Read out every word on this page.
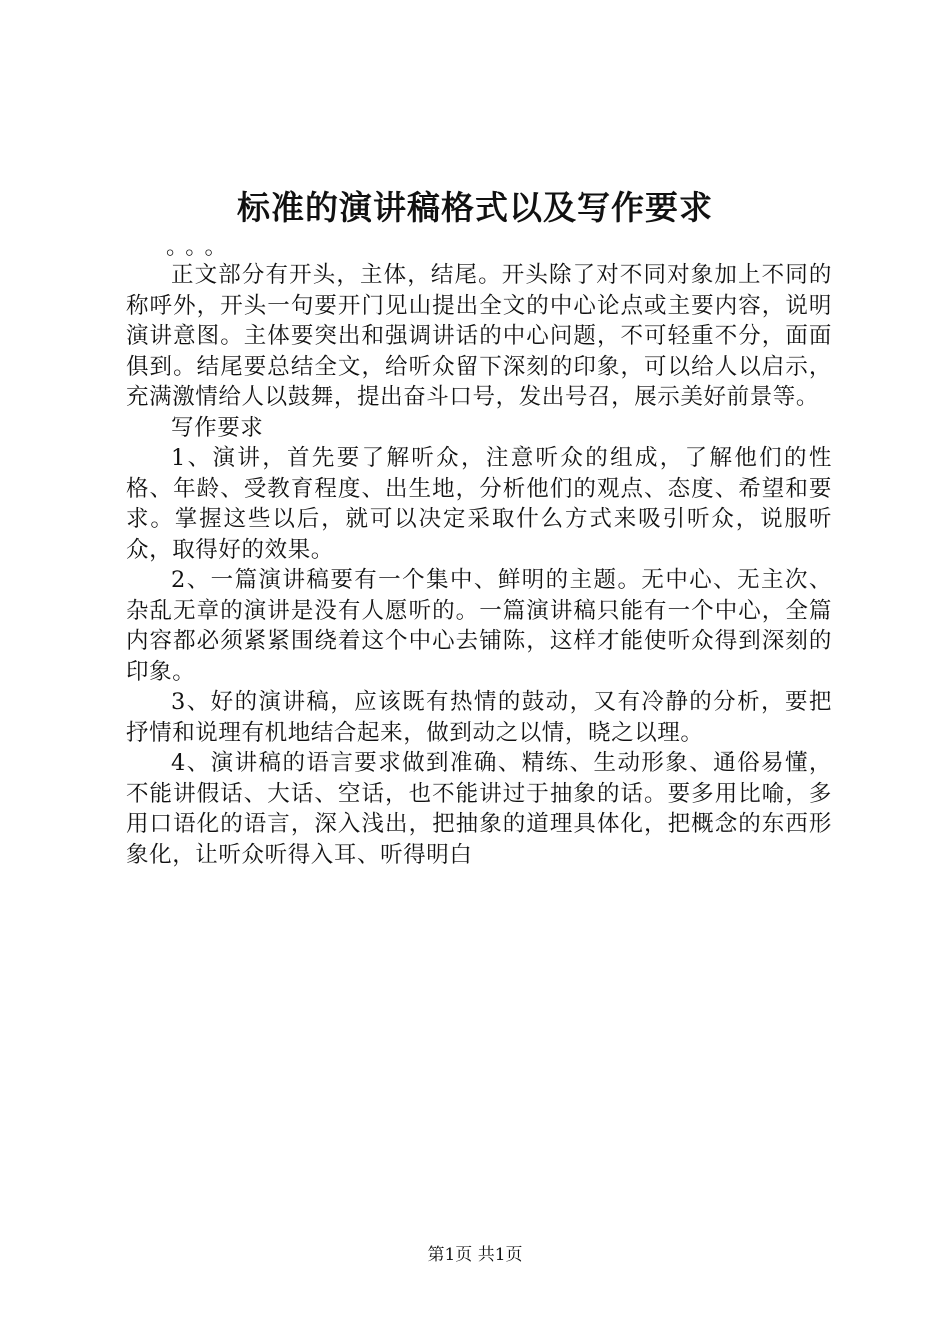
标准的演讲稿格式以及写作要求

。。。

正文部分有开头，主体，结尾。开头除了对不同对象加上不同的称呼外，开头一句要开门见山提出全文的中心论点或主要内容，说明演讲意图。主体要突出和强调讲话的中心问题，不可轻重不分，面面俱到。结尾要总结全文，给听众留下深刻的印象，可以给人以启示，充满激情给人以鼓舞，提出奋斗口号，发出号召，展示美好前景等。

写作要求

1、演讲，首先要了解听众，注意听众的组成，了解他们的性格、年龄、受教育程度、出生地，分析他们的观点、态度、希望和要求。掌握这些以后，就可以决定采取什么方式来吸引听众，说服听众，取得好的效果。

2、一篇演讲稿要有一个集中、鲜明的主题。无中心、无主次、杂乱无章的演讲是没有人愿听的。一篇演讲稿只能有一个中心，全篇内容都必须紧紧围绕着这个中心去铺陈，这样才能使听众得到深刻的印象。

3、好的演讲稿，应该既有热情的鼓动，又有冷静的分析，要把抒情和说理有机地结合起来，做到动之以情，晓之以理。

4、演讲稿的语言要求做到准确、精练、生动形象、通俗易懂，不能讲假话、大话、空话，也不能讲过于抽象的话。要多用比喻，多用口语化的语言，深入浅出，把抽象的道理具体化，把概念的东西形象化，让听众听得入耳、听得明白

第1页 共1页
